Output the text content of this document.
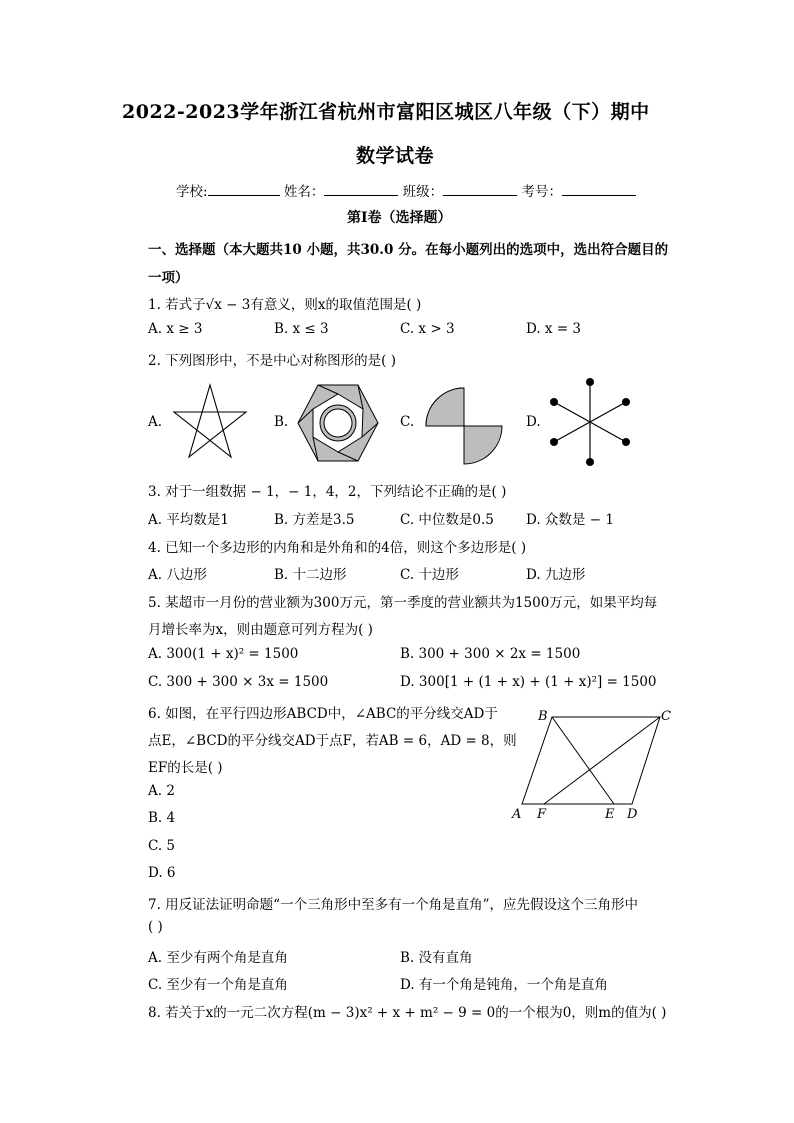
2022-2023学年浙江省杭州市富阳区城区八年级（下）期中
数学试卷
学校:	姓名：	班级：	考号：
第I卷（选择题）
一、选择题（本大题共10 小题，共30.0 分。在每小题列出的选项中，选出符合题目的
一项）
1. 若式子√x − 3有意义，则x的取值范围是( )
A. x ≥ 3	B. x ≤ 3	C. x > 3	D. x = 3
2. 下列图形中，不是中心对称图形的是( )
A.	B.	C.	D.
3. 对于一组数据 − 1，− 1，4，2，下列结论不正确的是( )
A. 平均数是1	B. 方差是3.5	C. 中位数是0.5 D. 众数是 − 1
4. 已知一个多边形的内角和是外角和的4倍，则这个多边形是( )
A. 八边形	B. 十二边形	C. 十边形	D. 九边形
5. 某超市一月份的营业额为300万元，第一季度的营业额共为1500万元，如果平均每
月增长率为x，则由题意可列方程为( )
A. 300(1 + x)² = 1500	B. 300 + 300 × 2x = 1500
C. 300 + 300 × 3x = 1500	D. 300[1 + (1 + x) + (1 + x)²] = 1500
6. 如图，在平行四边形ABCD中，∠ABC的平分线交AD于
点E，∠BCD的平分线交AD于点F，若AB = 6，AD = 8，则
EF的长是( )
A. 2
B. 4
C. 5
D. 6
B	C
A F	E D
7. 用反证法证明命题“一个三角形中至多有一个角是直角”，应先假设这个三角形中
( )
A. 至少有两个角是直角	B. 没有直角
C. 至少有一个角是直角	D. 有一个角是钝角，一个角是直角
8. 若关于x的一元二次方程(m − 3)x² + x + m² − 9 = 0的一个根为0，则m的值为( )
